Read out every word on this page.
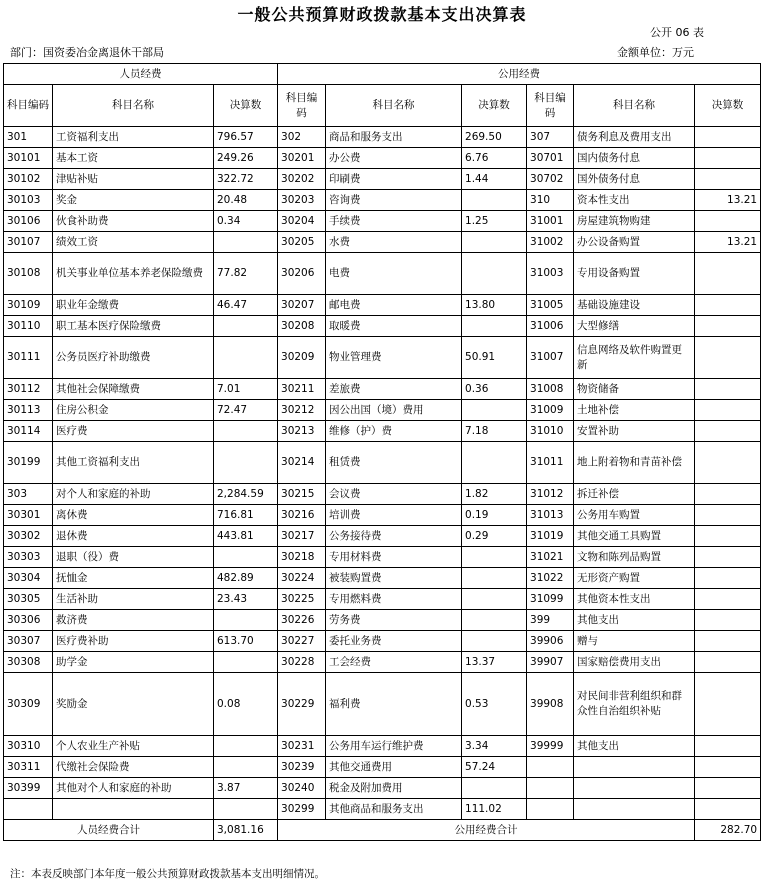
一般公共预算财政拨款基本支出决算表
公开 06 表
部门：国资委冶金离退休干部局	金额单位：万元
人员经费			公用经费					
科目编码	科目名称	决算数	科目编码	科目名称	决算数	科目编码	科目名称	决算数
301	工资福利支出	796.57	302	商品和服务支出	269.50	307	债务利息及费用支出	
30101	基本工资	249.26	30201	办公费	6.76	30701	国内债务付息	
30102	津贴补贴	322.72	30202	印刷费	1.44	30702	国外债务付息	
30103	奖金	20.48	30203	咨询费		310	资本性支出	13.21
30106	伙食补助费	0.34	30204	手续费	1.25	31001	房屋建筑物购建	
30107	绩效工资		30205	水费		31002	办公设备购置	13.21
30108	机关事业单位基本养老保险缴费	77.82	30206	电费		31003	专用设备购置	
30109	职业年金缴费	46.47	30207	邮电费	13.80	31005	基础设施建设	
30110	职工基本医疗保险缴费		30208	取暖费		31006	大型修缮	
30111	公务员医疗补助缴费		30209	物业管理费	50.91	31007	信息网络及软件购置更新	
30112	其他社会保障缴费	7.01	30211	差旅费	0.36	31008	物资储备	
30113	住房公积金	72.47	30212	因公出国（境）费用		31009	土地补偿	
30114	医疗费		30213	维修（护）费	7.18	31010	安置补助	
30199	其他工资福利支出		30214	租赁费		31011	地上附着物和青苗补偿	
303	对个人和家庭的补助	2,284.59	30215	会议费	1.82	31012	拆迁补偿	
30301	离休费	716.81	30216	培训费	0.19	31013	公务用车购置	
30302	退休费	443.81	30217	公务接待费	0.29	31019	其他交通工具购置	
30303	退职（役）费		30218	专用材料费		31021	文物和陈列品购置	
30304	抚恤金	482.89	30224	被装购置费		31022	无形资产购置	
30305	生活补助	23.43	30225	专用燃料费		31099	其他资本性支出	
30306	救济费		30226	劳务费		399	其他支出	
30307	医疗费补助	613.70	30227	委托业务费		39906	赠与	
30308	助学金		30228	工会经费	13.37	39907	国家赔偿费用支出	
30309	奖励金	0.08	30229	福利费	0.53	39908	对民间非营利组织和群众性自治组织补贴	
30310	个人农业生产补贴		30231	公务用车运行维护费	3.34	39999	其他支出	
30311	代缴社会保险费		30239	其他交通费用	57.24			
30399	其他对个人和家庭的补助	3.87	30240	税金及附加费用				
			30299	其他商品和服务支出	111.02			
人员经费合计		3,081.16	公用经费合计					282.70
注：本表反映部门本年度一般公共预算财政拨款基本支出明细情况。
